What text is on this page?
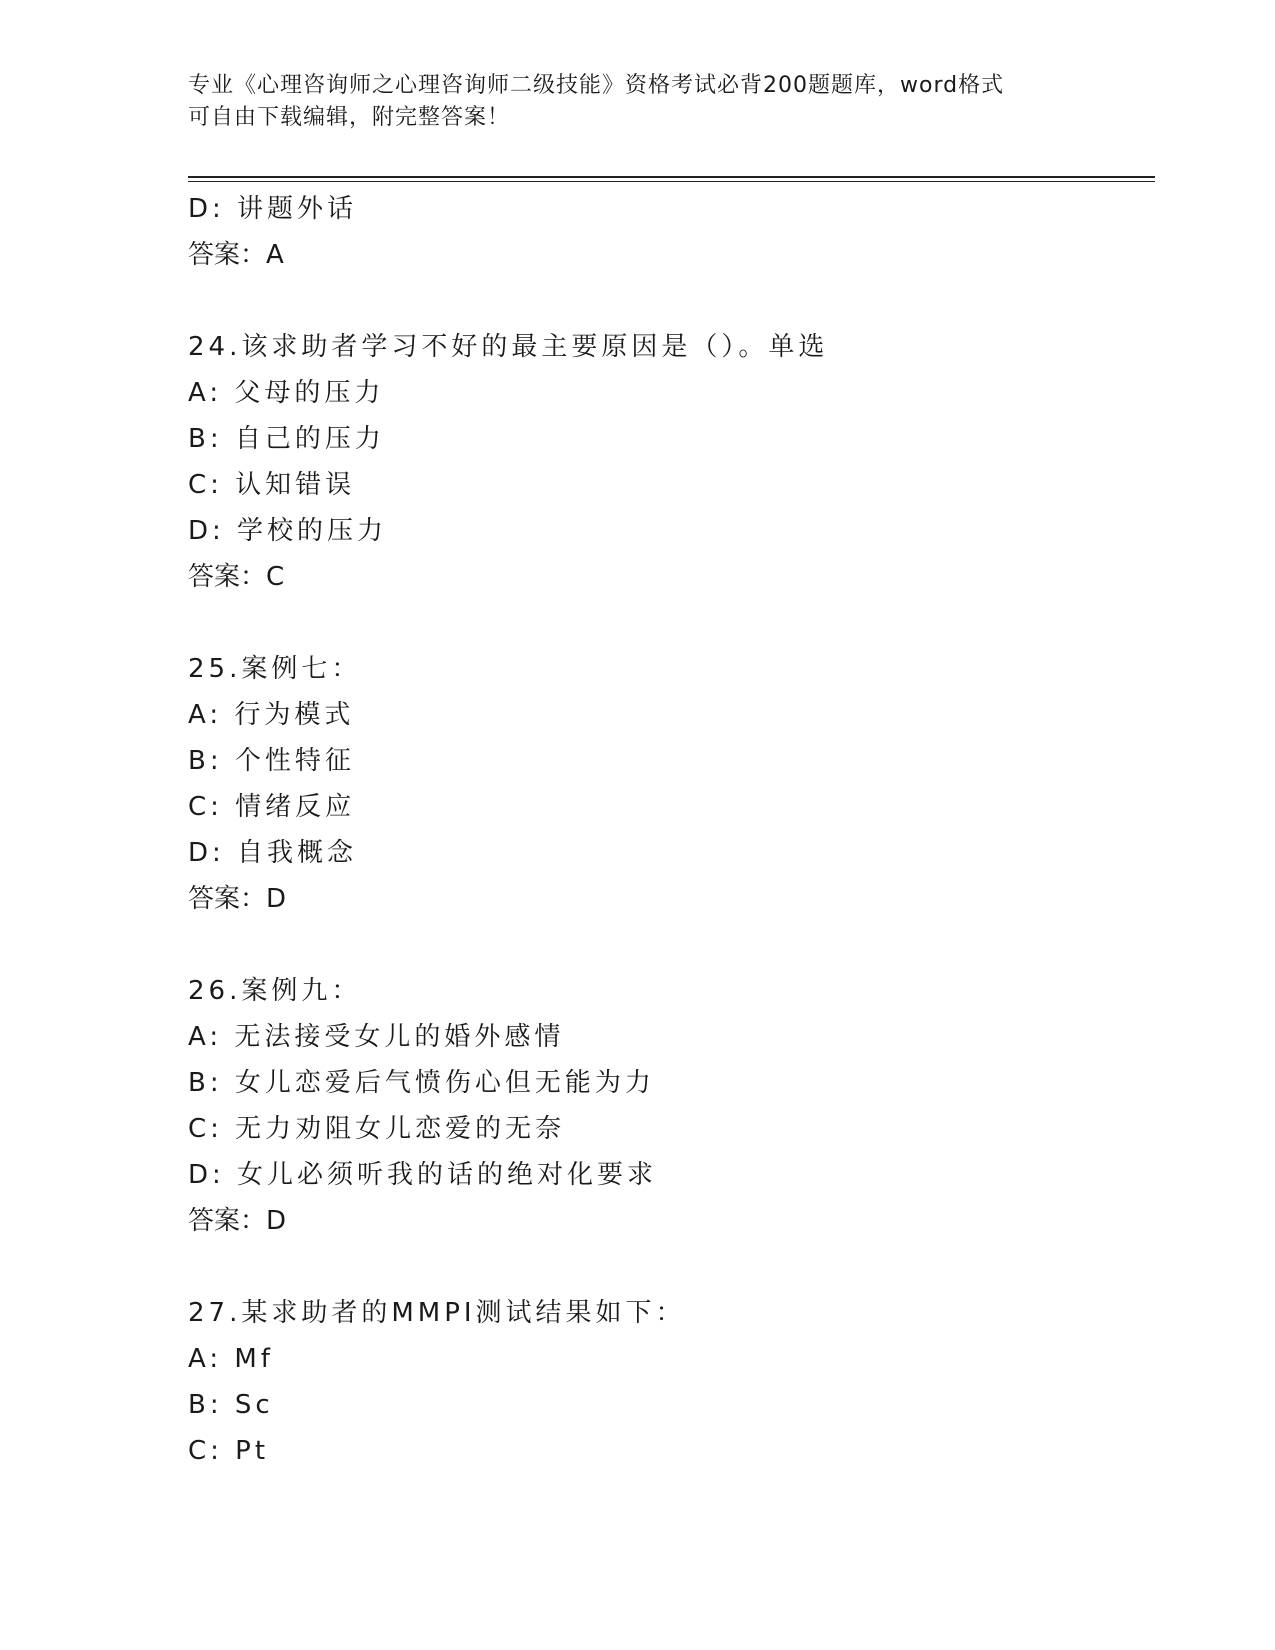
专业《心理咨询师之心理咨询师二级技能》资格考试必背200题题库，word格式
可自由下载编辑，附完整答案！
D: 讲题外话
答案：A
24.该求助者学习不好的最主要原因是（）。单选
A: 父母的压力
B: 自己的压力
C: 认知错误
D: 学校的压力
答案：C
25.案例七：
A: 行为模式
B: 个性特征
C: 情绪反应
D: 自我概念
答案：D
26.案例九：
A: 无法接受女儿的婚外感情
B: 女儿恋爱后气愤伤心但无能为力
C: 无力劝阻女儿恋爱的无奈
D: 女儿必须听我的话的绝对化要求
答案：D
27.某求助者的MMPI测试结果如下：
A: Mf
B: Sc
C: Pt
